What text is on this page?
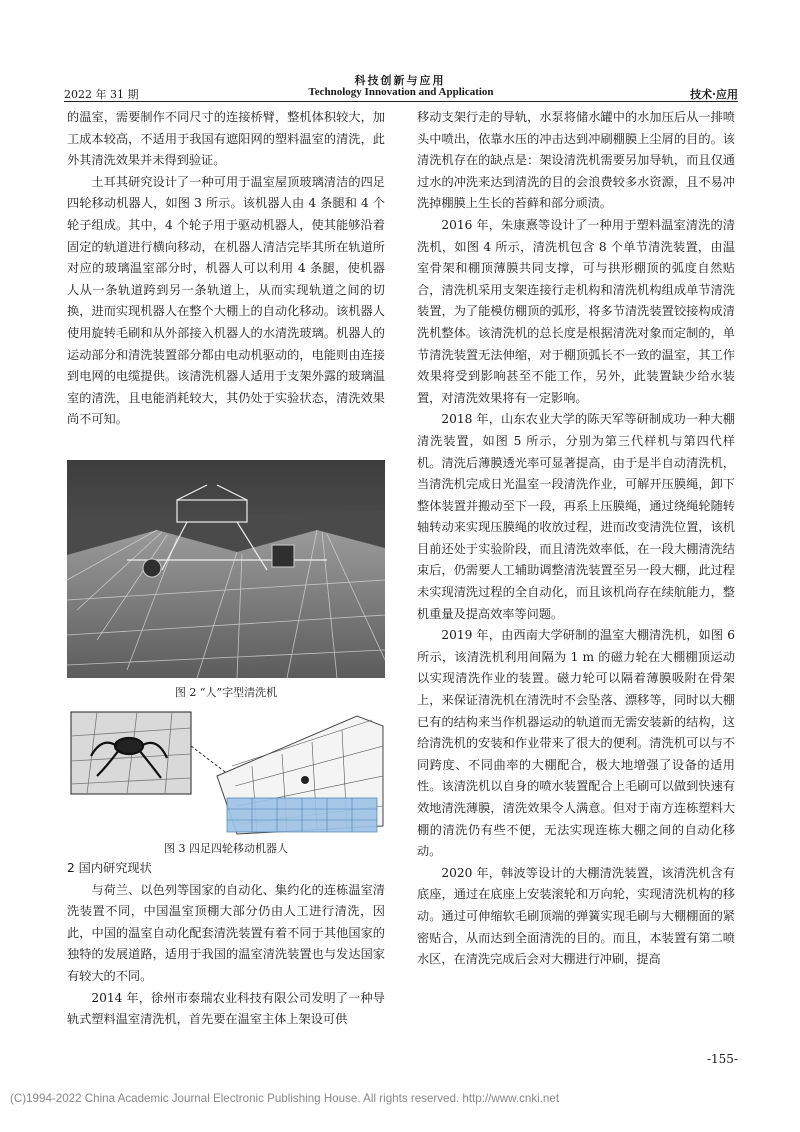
科技创新与应用
2022 年 31 期	Technology Innovation and Application	技术·应用

的温室，需要制作不同尺寸的连接桥臂，整机体积较大，加工成本较高，不适用于我国有遮阳网的塑料温室的清洗，此外其清洗效果并未得到验证。

土耳其研究设计了一种可用于温室屋顶玻璃清洁的四足四轮移动机器人，如图 3 所示。该机器人由 4 条腿和 4 个轮子组成。其中，4 个轮子用于驱动机器人，使其能够沿着固定的轨道进行横向移动，在机器人清洁完毕其所在轨道所对应的玻璃温室部分时，机器人可以利用 4 条腿，使机器人从一条轨道跨到另一条轨道上，从而实现轨道之间的切换，进而实现机器人在整个大棚上的自动化移动。该机器人使用旋转毛刷和从外部接入机器人的水清洗玻璃。机器人的运动部分和清洗装置部分都由电动机驱动的，电能则由连接到电网的电缆提供。该清洗机器人适用于支架外露的玻璃温室的清洗，且电能消耗较大，其仍处于实验状态，清洗效果尚不可知。

图 2 “人”字型清洗机
图 3 四足四轮移动机器人
2 国内研究现状

与荷兰、以色列等国家的自动化、集约化的连栋温室清洗装置不同，中国温室顶棚大部分仍由人工进行清洗，因此，中国的温室自动化配套清洗装置有着不同于其他国家的独特的发展道路，适用于我国的温室清洗装置也与发达国家有较大的不同。

2014 年，徐州市泰瑞农业科技有限公司发明了一种导轨式塑料温室清洗机，首先要在温室主体上架设可供

移动支架行走的导轨，水泵将储水罐中的水加压后从一排喷头中喷出，依靠水压的冲击达到冲刷棚膜上尘屑的目的。该清洗机存在的缺点是：架设清洗机需要另加导轨，而且仅通过水的冲洗来达到清洗的目的会浪费较多水资源，且不易冲洗掉棚膜上生长的苔藓和部分顽渍。

2016 年，朱康熹等设计了一种用于塑料温室清洗的清洗机，如图 4 所示，清洗机包含 8 个单节清洗装置，由温室骨架和棚顶薄膜共同支撑，可与拱形棚顶的弧度自然贴合，清洗机采用支架连接行走机构和清洗机构组成单节清洗装置，为了能模仿棚顶的弧形，将多节清洗装置铰接构成清洗机整体。该清洗机的总长度是根据清洗对象而定制的，单节清洗装置无法伸缩，对于棚顶弧长不一致的温室，其工作效果将受到影响甚至不能工作，另外，此装置缺少给水装置，对清洗效果将有一定影响。

2018 年，山东农业大学的陈天军等研制成功一种大棚清洗装置，如图 5 所示，分别为第三代样机与第四代样机。清洗后薄膜透光率可显著提高，由于是半自动清洗机，当清洗机完成日光温室一段清洗作业，可解开压膜绳，卸下整体装置并搬动至下一段，再系上压膜绳，通过绕绳轮随转轴转动来实现压膜绳的收放过程，进而改变清洗位置，该机目前还处于实验阶段，而且清洗效率低，在一段大棚清洗结束后，仍需要人工辅助调整清洗装置至另一段大棚，此过程未实现清洗过程的全自动化，而且该机尚存在续航能力，整机重量及提高效率等问题。

2019 年，由西南大学研制的温室大棚清洗机，如图 6 所示，该清洗机利用间隔为 1 m 的磁力轮在大棚棚顶运动以实现清洗作业的装置。磁力轮可以隔着薄膜吸附在骨架上，来保证清洗机在清洗时不会坠落、漂移等，同时以大棚已有的结构来当作机器运动的轨道而无需安装新的结构，这给清洗机的安装和作业带来了很大的便利。清洗机可以与不同跨度、不同曲率的大棚配合，极大地增强了设备的适用性。该清洗机以自身的喷水装置配合上毛刷可以做到快速有效地清洗薄膜，清洗效果令人满意。但对于南方连栋塑料大棚的清洗仍有些不便，无法实现连栋大棚之间的自动化移动。

2020 年，韩波等设计的大棚清洗装置，该清洗机含有底座，通过在底座上安装滚轮和万向轮，实现清洗机构的移动。通过可伸缩软毛刷顶端的弹簧实现毛刷与大棚棚面的紧密贴合，从而达到全面清洗的目的。而且，本装置有第二喷水区，在清洗完成后会对大棚进行冲刷，提高

-155-
(C)1994-2022 China Academic Journal Electronic Publishing House. All rights reserved. http://www.cnki.net
